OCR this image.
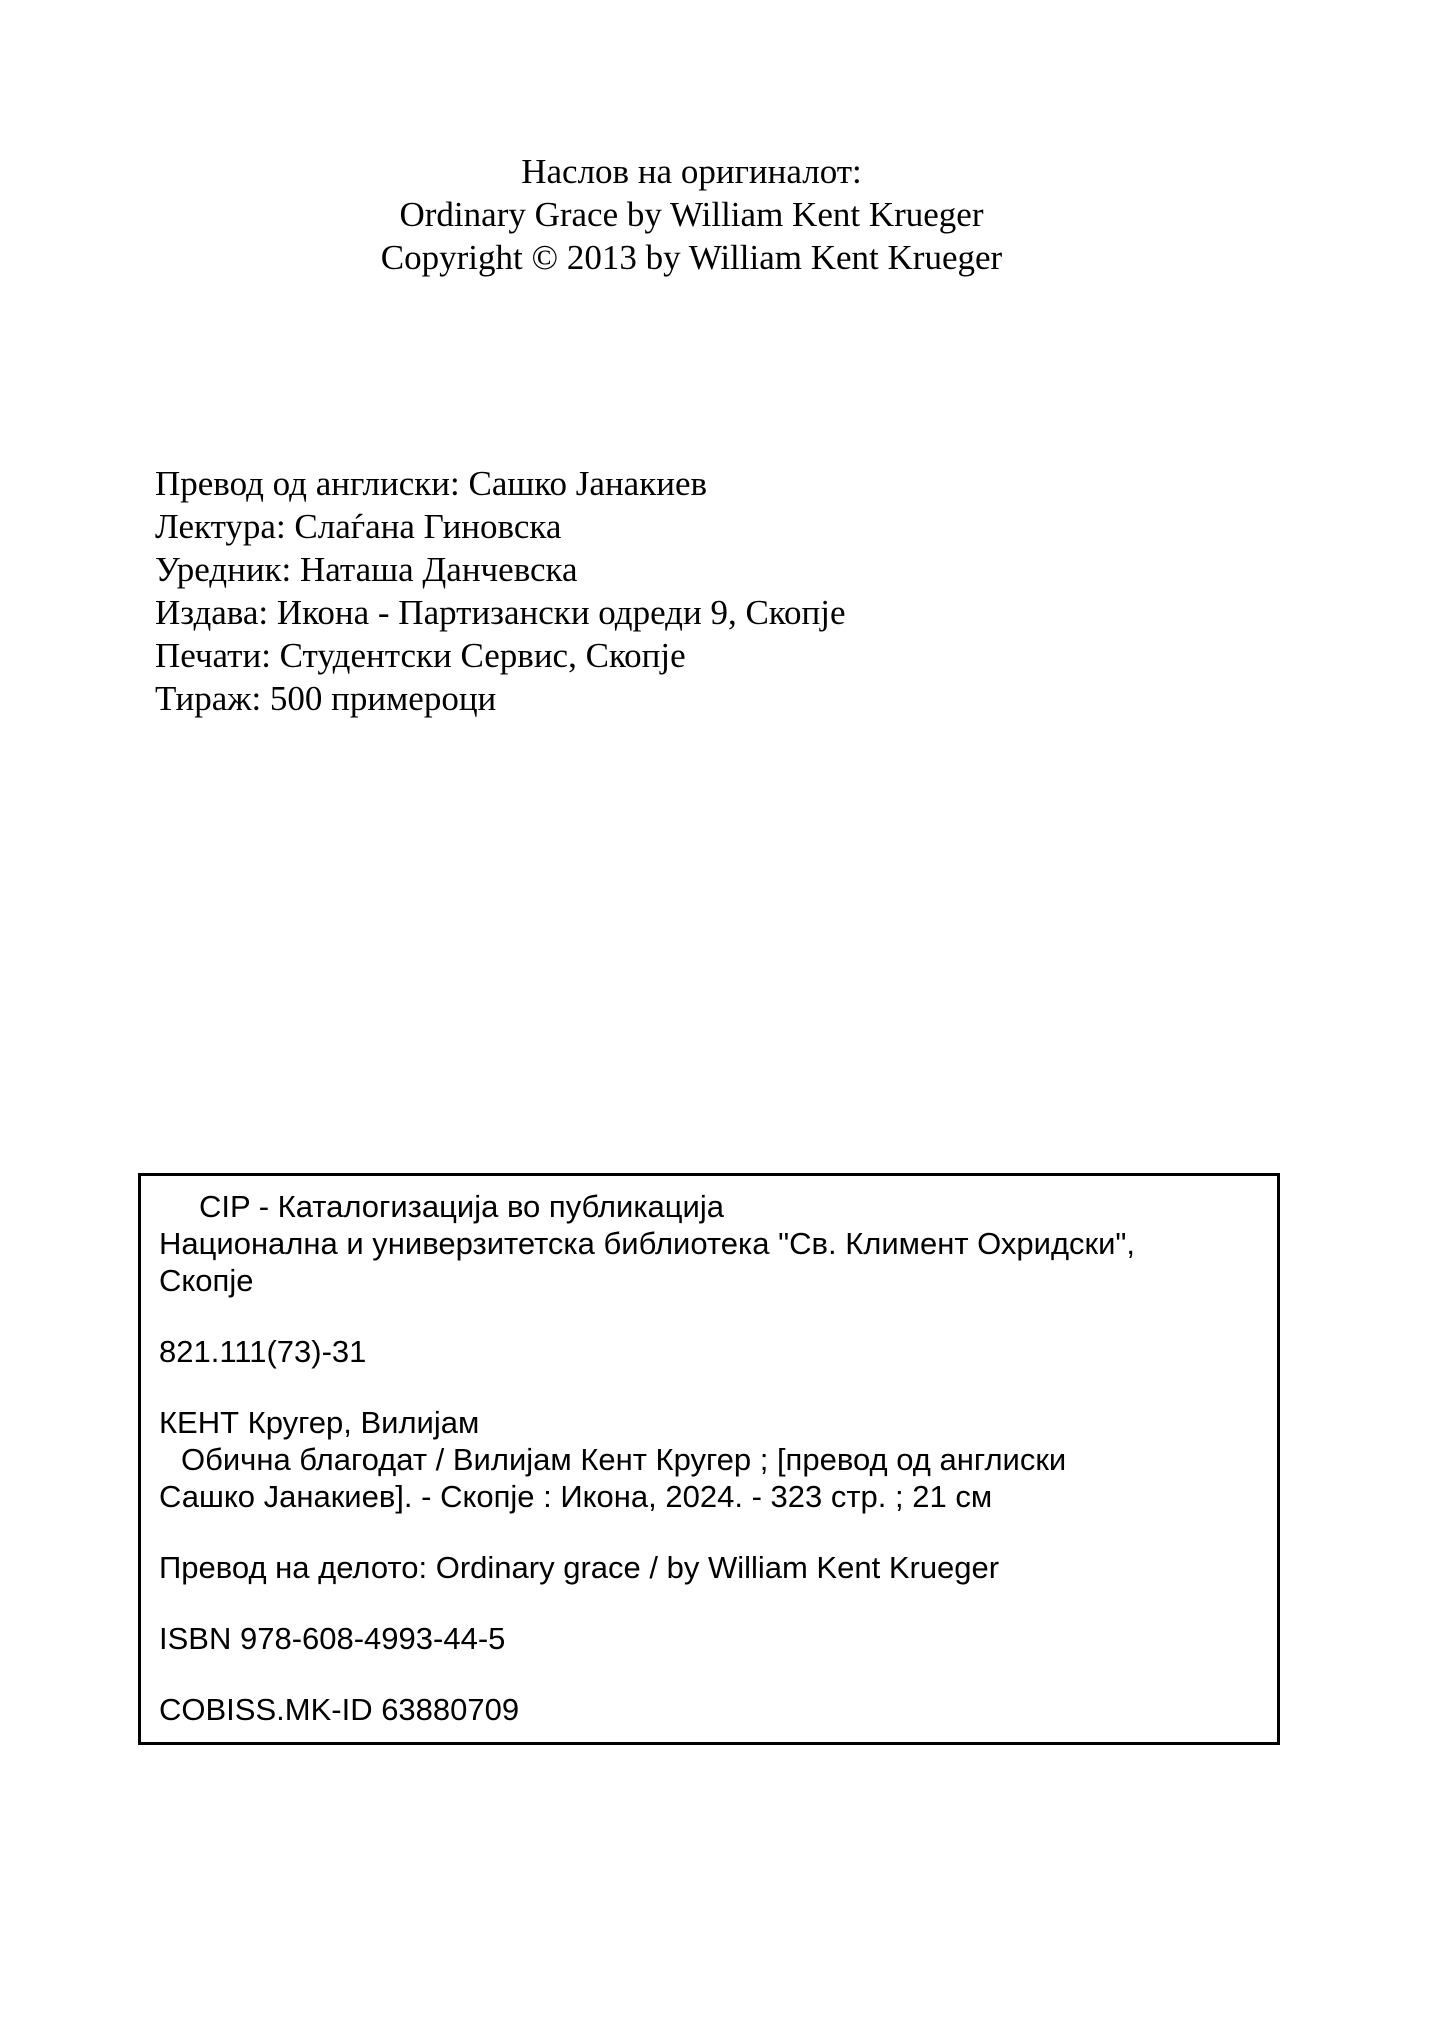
Наслов на оригиналот:
Ordinary Grace by William Kent Krueger
Copyright © 2013 by William Kent Krueger
Превод од англиски: Сашко Јанакиев
Лектура: Слаѓана Гиновска
Уредник: Наташа Данчевска
Издава: Икона - Партизански одреди 9, Скопје
Печати: Студентски Сервис, Скопје
Тираж: 500 примероци

CIP - Каталогизација во публикација

Национална и универзитетска библиотека "Св. Климент Охридски",

Скопје

821.111(73)-31

КЕНТ Кругер, Вилијам

Обична благодат / Вилијам Кент Кругер ; [превод од англиски

Сашко Јанакиев]. - Скопје : Икона, 2024. - 323 стр. ; 21 см

Превод на делото: Ordinary grace / by William Kent Krueger

ISBN 978-608-4993-44-5

COBISS.MK-ID 63880709
